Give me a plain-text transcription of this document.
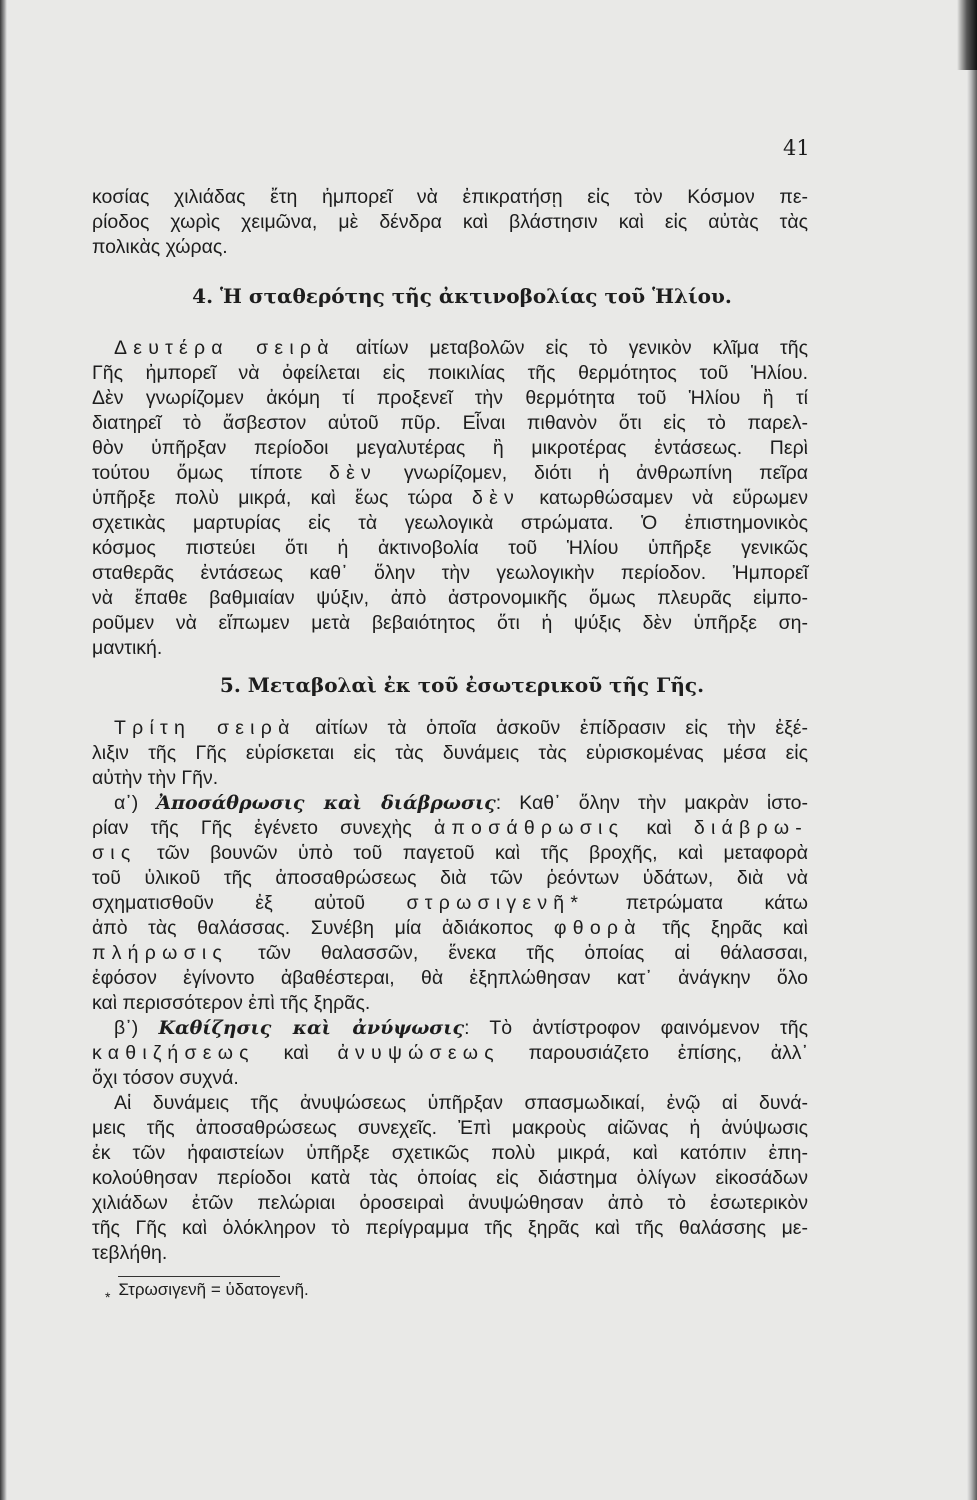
41
κοσίας χιλιάδας ἔτη ἠμπορεῖ νὰ ἐπικρατήσῃ εἰς τὸν Κόσμον πε-
ρίοδος χωρὶς χειμῶνα, μὲ δένδρα καὶ βλάστησιν καὶ εἰς αὐτὰς τὰς
πολικὰς χώρας.
4. Ἡ σταθερότης τῆς ἀκτινοβολίας τοῦ Ἡλίου.
Δευτέρα σειρὰ αἰτίων μεταβολῶν εἰς τὸ γενικὸν κλῖμα τῆς
Γῆς ἠμπορεῖ νὰ ὀφείλεται εἰς ποικιλίας τῆς θερμότητος τοῦ Ἡλίου.
Δὲν γνωρίζομεν ἀκόμη τί προξενεῖ τὴν θερμότητα τοῦ Ἡλίου ἢ τί
διατηρεῖ τὸ ἄσβεστον αὐτοῦ πῦρ. Εἶναι πιθανὸν ὅτι εἰς τὸ παρελ-
θὸν ὑπῆρξαν περίοδοι μεγαλυτέρας ἢ μικροτέρας ἐντάσεως. Περὶ
τούτου ὅμως τίποτε δὲν γνωρίζομεν, διότι ἡ ἀνθρωπίνη πεῖρα
ὑπῆρξε πολὺ μικρά, καὶ ἕως τώρα δὲν κατωρθώσαμεν νὰ εὕρωμεν
σχετικὰς μαρτυρίας εἰς τὰ γεωλογικὰ στρώματα. Ὁ ἐπιστημονικὸς
κόσμος πιστεύει ὅτι ἡ ἀκτινοβολία τοῦ Ἡλίου ὑπῆρξε γενικῶς
σταθερᾶς ἐντάσεως καθ᾽ ὅλην τὴν γεωλογικὴν περίοδον. Ἠμπορεῖ
νὰ ἔπαθε βαθμιαίαν ψύξιν, ἀπὸ ἀστρονομικῆς ὅμως πλευρᾶς εἰμπο-
ροῦμεν νὰ εἴπωμεν μετὰ βεβαιότητος ὅτι ἡ ψύξις δὲν ὑπῆρξε ση-
μαντική.
5. Μεταβολαὶ ἐκ τοῦ ἐσωτερικοῦ τῆς Γῆς.
Τρίτη σειρὰ αἰτίων τὰ ὁποῖα ἀσκοῦν ἐπίδρασιν εἰς τὴν ἐξέ-
λιξιν τῆς Γῆς εὑρίσκεται εἰς τὰς δυνάμεις τὰς εὑρισκομένας μέσα εἰς
αὐτὴν τὴν Γῆν.
α᾽) Ἀποσάθρωσις καὶ διάβρωσις: Καθ᾽ ὅλην τὴν μακρὰν ἱστο-
ρίαν τῆς Γῆς ἐγένετο συνεχὴς ἀποσάθρωσις καὶ διάβρω-
σις τῶν βουνῶν ὑπὸ τοῦ παγετοῦ καὶ τῆς βροχῆς, καὶ μεταφορὰ
τοῦ ὑλικοῦ τῆς ἀποσαθρώσεως διὰ τῶν ῥεόντων ὑδάτων, διὰ νὰ
σχηματισθοῦν ἐξ αὐτοῦ στρωσιγενῆ* πετρώματα κάτω
ἀπὸ τὰς θαλάσσας. Συνέβη μία ἀδιάκοπος φθορὰ τῆς ξηρᾶς καὶ
πλήρωσις τῶν θαλασσῶν, ἕνεκα τῆς ὁποίας αἱ θάλασσαι,
ἐφόσον ἐγίνοντο ἀβαθέστεραι, θὰ ἐξηπλώθησαν κατ᾽ ἀνάγκην ὅλο
καὶ περισσότερον ἐπὶ τῆς ξηρᾶς.
β᾽) Καθίζησις καὶ ἀνύψωσις: Τὸ ἀντίστροφον φαινόμενον τῆς
καθιζήσεως καὶ ἀνυψώσεως παρουσιάζετο ἐπίσης, ἀλλ᾽
ὄχι τόσον συχνά.
Αἱ δυνάμεις τῆς ἀνυψώσεως ὑπῆρξαν σπασμωδικαί, ἐνῷ αἱ δυνά-
μεις τῆς ἀποσαθρώσεως συνεχεῖς. Ἐπὶ μακροὺς αἰῶνας ἡ ἀνύψωσις
ἐκ τῶν ἡφαιστείων ὑπῆρξε σχετικῶς πολὺ μικρά, καὶ κατόπιν ἐπη-
κολούθησαν περίοδοι κατὰ τὰς ὁποίας εἰς διάστημα ὀλίγων εἰκοσάδων
χιλιάδων ἐτῶν πελώριαι ὀροσειραὶ ἀνυψώθησαν ἀπὸ τὸ ἐσωτερικὸν
τῆς Γῆς καὶ ὁλόκληρον τὸ περίγραμμα τῆς ξηρᾶς καὶ τῆς θαλάσσης με-
τεβλήθη.
$_*$ Στρωσιγενῆ = ὑδατογενῆ.
